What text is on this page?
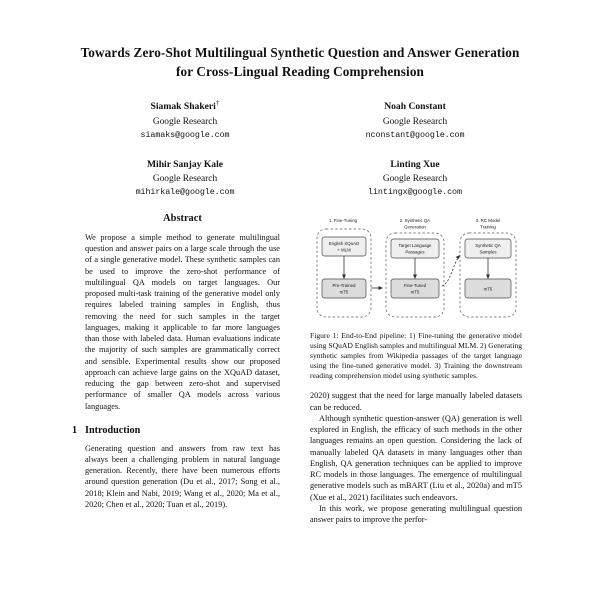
Towards Zero-Shot Multilingual Synthetic Question and Answer Generation for Cross-Lingual Reading Comprehension
Siamak Shakeri†
Google Research
siamaks@google.com
Noah Constant
Google Research
nconstant@google.com
Mihir Sanjay Kale
Google Research
mihirkale@google.com
Linting Xue
Google Research
lintingx@google.com
Abstract

We propose a simple method to generate multilingual question and answer pairs on a large scale through the use of a single generative model. These synthetic samples can be used to improve the zero-shot performance of multilingual QA models on target languages. Our proposed multi-task training of the generative model only requires labeled training samples in English, thus removing the need for such samples in the target languages, making it applicable to far more languages than those with labeled data. Human evaluations indicate the majority of such samples are grammatically correct and sensible. Experimental results show our proposed approach can achieve large gains on the XQuAD dataset, reducing the gap between zero-shot and supervised performance of smaller QA models across various languages.

1 Introduction

Generating question and answers from raw text has always been a challenging problem in natural language generation. Recently, there have been numerous efforts around question generation (Du et al., 2017; Song et al., 2018; Klein and Nabi, 2019; Wang et al., 2020; Ma et al., 2020; Chen et al., 2020; Tuan et al., 2019).

1. Fine-Tuning
English SQuAD
+ MLM
Pre-Trained
mT5
2. Synthetic QA
Generation
Target Language
Passages
Fine-Tuned
mT5
3. RC Model
Training
Synthetic QA
Samples
mT5
Figure 1: End-to-End pipeline: 1) Fine-tuning the generative model using SQuAD English samples and multilingual MLM. 2) Generating synthetic samples from Wikipedia passages of the target language using the fine-tuned generative model. 3) Training the downstream reading comprehension model using synthetic samples.

2020) suggest that the need for large manually labeled datasets can be reduced.

Although synthetic question-answer (QA) generation is well explored in English, the efficacy of such methods in the other languages remains an open question. Considering the lack of manually labeled QA datasets in many languages other than English, QA generation techniques can be applied to improve RC models in those languages. The emergence of multilingual generative models such as mBART (Liu et al., 2020a) and mT5 (Xue et al., 2021) facilitates such endeavors.

In this work, we propose generating multilingual question answer pairs to improve the perfor-
